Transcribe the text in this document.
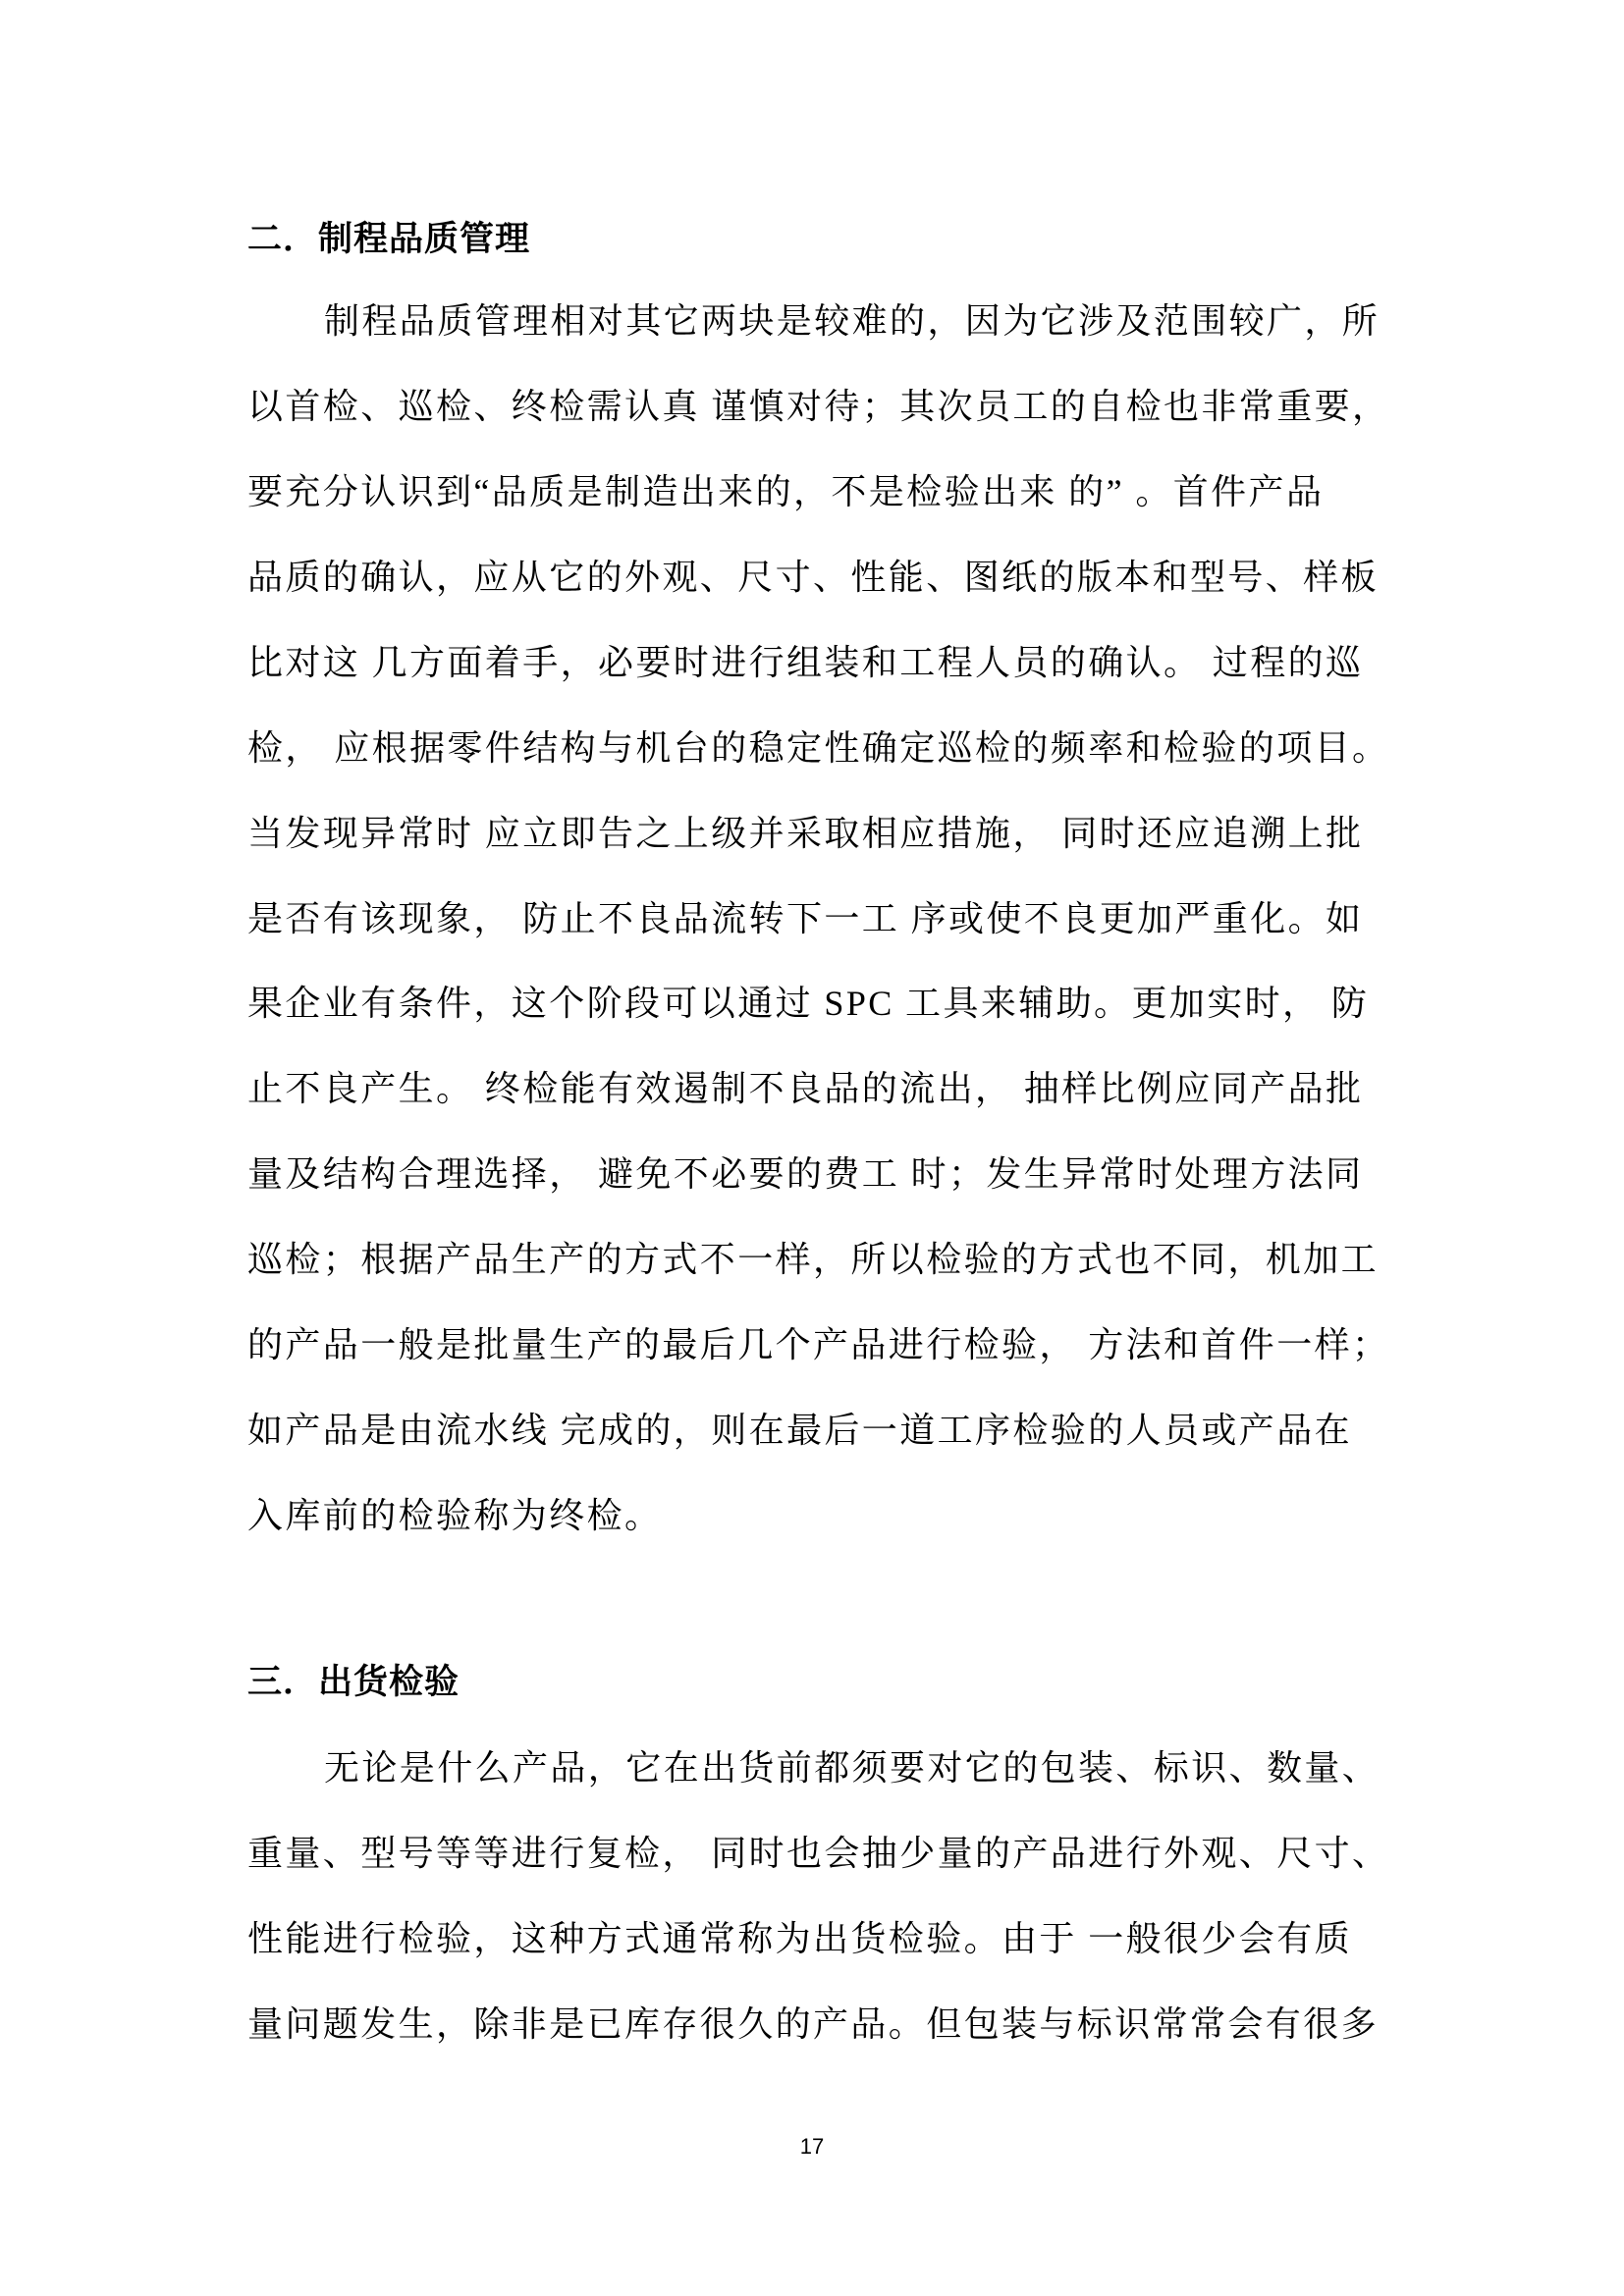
二．制程品质管理
制程品质管理相对其它两块是较难的，因为它涉及范围较广，所
以首检、巡检、终检需认真 谨慎对待；其次员工的自检也非常重要，
要充分认识到“品质是制造出来的，不是检验出来 的” 。首件产品
品质的确认，应从它的外观、尺寸、性能、图纸的版本和型号、样板
比对这 几方面着手，必要时进行组装和工程人员的确认。 过程的巡
检， 应根据零件结构与机台的稳定性确定巡检的频率和检验的项目。
当发现异常时 应立即告之上级并采取相应措施， 同时还应追溯上批
是否有该现象， 防止不良品流转下一工 序或使不良更加严重化。如
果企业有条件，这个阶段可以通过 SPC 工具来辅助。更加实时， 防
止不良产生。 终检能有效遏制不良品的流出， 抽样比例应同产品批
量及结构合理选择， 避免不必要的费工 时；发生异常时处理方法同
巡检；根据产品生产的方式不一样，所以检验的方式也不同，机加工
的产品一般是批量生产的最后几个产品进行检验， 方法和首件一样；
如产品是由流水线 完成的，则在最后一道工序检验的人员或产品在
入库前的检验称为终检。
三．出货检验
无论是什么产品，它在出货前都须要对它的包装、标识、数量、
重量、型号等等进行复检， 同时也会抽少量的产品进行外观、尺寸、
性能进行检验，这种方式通常称为出货检验。由于 一般很少会有质
量问题发生，除非是已库存很久的产品。但包装与标识常常会有很多
17
